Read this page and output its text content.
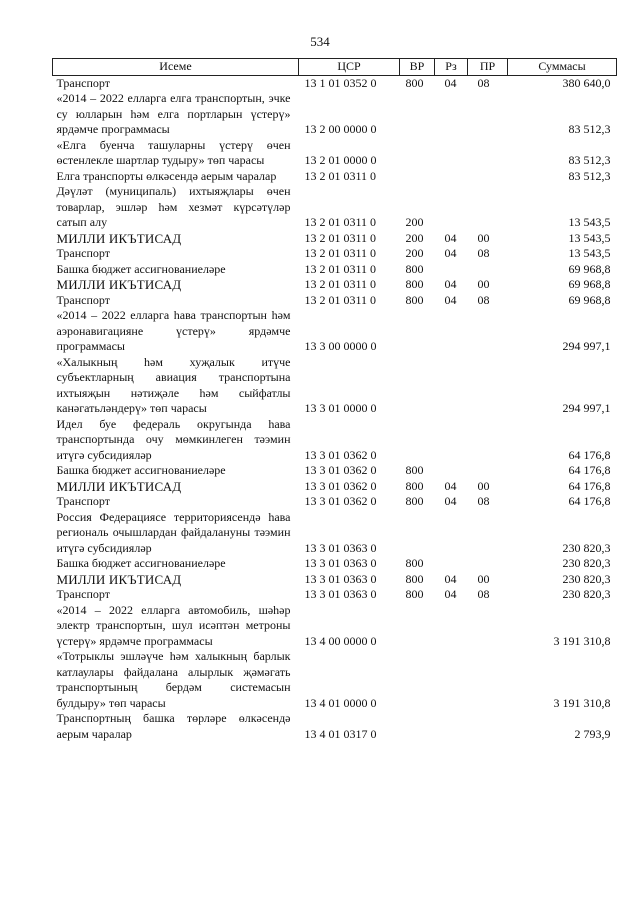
534
Исеме	ЦСР	ВР	Рз	ПР	Суммасы
Транспорт	13 1 01 0352 0	800	04	08	380 640,0
«2014 – 2022 елларга елга транспортын, эчке су юлларын һәм елга портларын үстерү» ярдәмче программасы	13 2 00 0000 0				83 512,3
«Елга буенча ташуларны үстерү өчен өстенлекле шартлар тудыру» төп чарасы	13 2 01 0000 0				83 512,3
Елга транспорты өлкәсендә аерым чаралар	13 2 01 0311 0				83 512,3
Дәүләт (муниципаль) ихтыяҗлары өчен товарлар, эшләр һәм хезмәт күрсәтүләр сатып алу	13 2 01 0311 0	200			13 543,5
МИЛЛИ ИКЪТИСАД	13 2 01 0311 0	200	04	00	13 543,5
Транспорт	13 2 01 0311 0	200	04	08	13 543,5
Башка бюджет ассигнованиеләре	13 2 01 0311 0	800			69 968,8
МИЛЛИ ИКЪТИСАД	13 2 01 0311 0	800	04	00	69 968,8
Транспорт	13 2 01 0311 0	800	04	08	69 968,8
«2014 – 2022 елларга һава транспортын һәм аэронавигацияне үстерү» ярдәмче программасы	13 3 00 0000 0				294 997,1
«Халыкның һәм хуҗалык итүче субъектларның авиация транспортына ихтыяҗын нәтиҗәле һәм сыйфатлы канәгатьләндерү» төп чарасы	13 3 01 0000 0				294 997,1
Идел буе федераль округында һава транспортында очу мөмкинлеген тәэмин итүгә субсидияләр	13 3 01 0362 0				64 176,8
Башка бюджет ассигнованиеләре	13 3 01 0362 0	800			64 176,8
МИЛЛИ ИКЪТИСАД	13 3 01 0362 0	800	04	00	64 176,8
Транспорт	13 3 01 0362 0	800	04	08	64 176,8
Россия Федерациясе территориясендә һава региональ очышлардан файдалануны тәэмин итүгә субсидияләр	13 3 01 0363 0				230 820,3
Башка бюджет ассигнованиеләре	13 3 01 0363 0	800			230 820,3
МИЛЛИ ИКЪТИСАД	13 3 01 0363 0	800	04	00	230 820,3
Транспорт	13 3 01 0363 0	800	04	08	230 820,3
«2014 – 2022 елларга автомобиль, шәһәр электр транспортын, шул исәптән метроны үстерү» ярдәмче программасы	13 4 00 0000 0				3 191 310,8
«Тотрыклы эшләүче һәм халыкның барлык катлаулары файдалана алырлык җәмәгать транспортының бердәм системасын булдыру» төп чарасы	13 4 01 0000 0				3 191 310,8
Транспортның башка төрләре өлкәсендә аерым чаралар	13 4 01 0317 0				2 793,9
